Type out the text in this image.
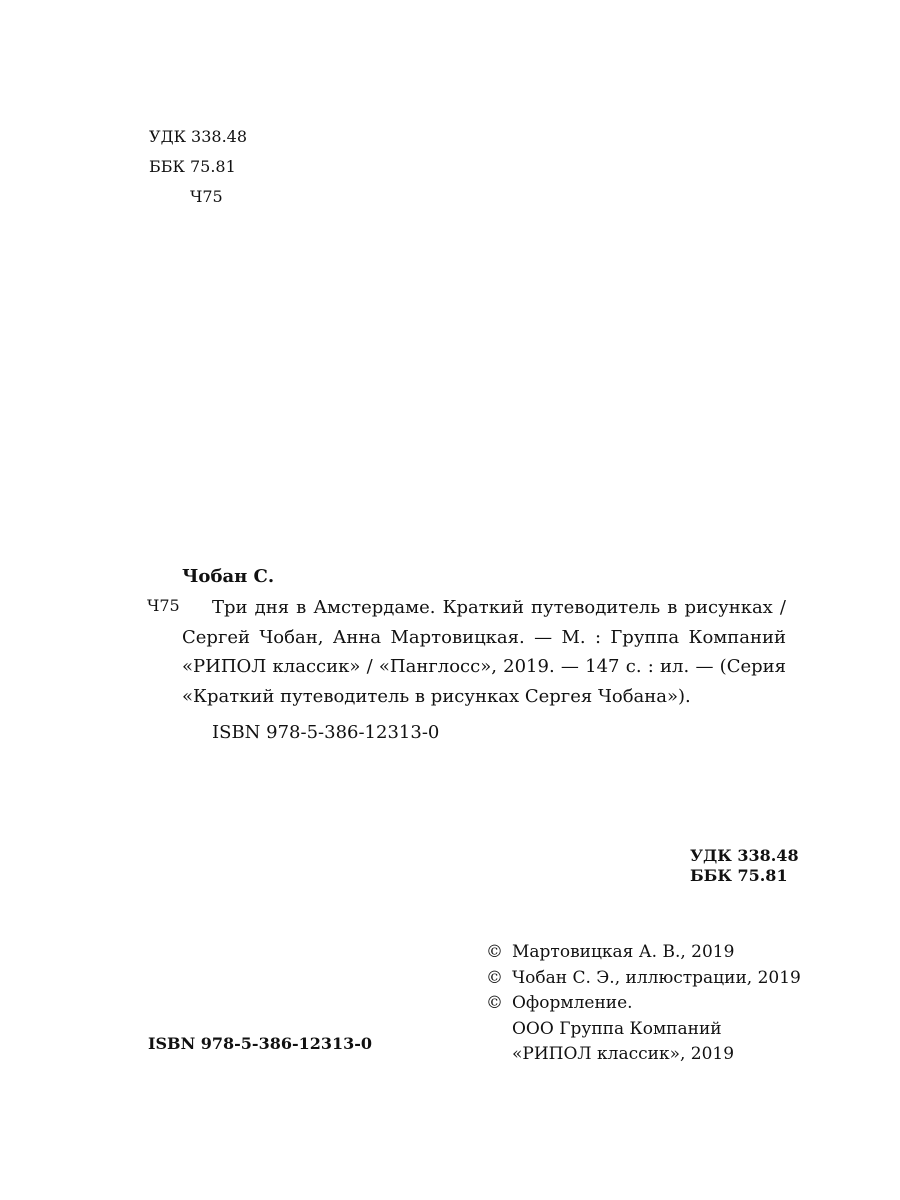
УДК 338.48
ББК 75.81
Ч75
Чобан С.
Ч75	Три дня в Амстердаме. Краткий путеводитель в рисунках / Сергей Чобан, Анна Мартовицкая. — М. : Группа Компаний «РИПОЛ классик» / «Панглосс», 2019. — 147 с. : ил. — (Серия «Краткий путеводитель в рисунках Сергея Чобана»).
ISBN 978-5-386-12313-0
УДК 338.48
ББК 75.81
© Мартовицкая А. В., 2019
© Чобан С. Э., иллюстрации, 2019
© Оформление.
ООО Группа Компаний
«РИПОЛ классик», 2019
ISBN 978-5-386-12313-0
